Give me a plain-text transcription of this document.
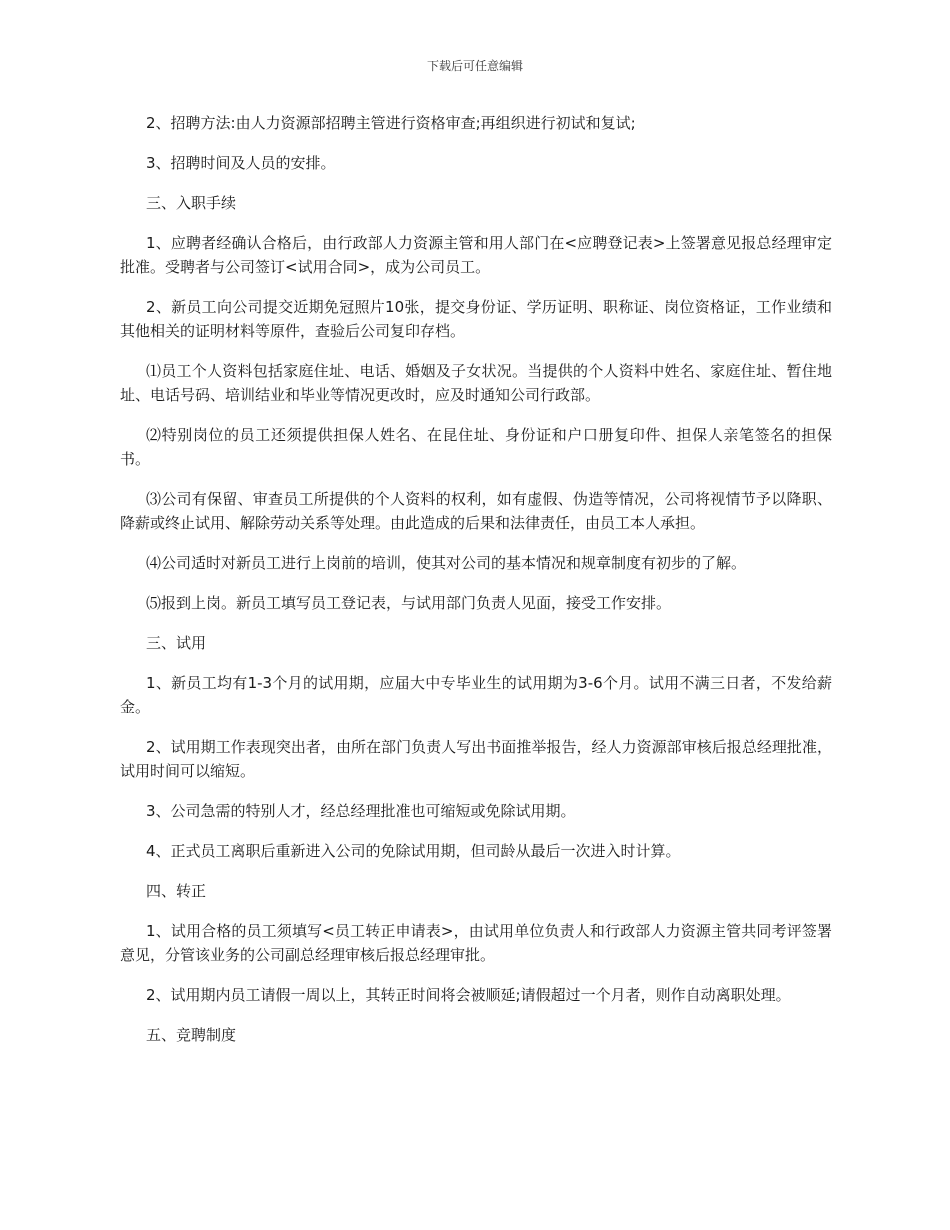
下载后可任意编辑

2、招聘方法:由人力资源部招聘主管进行资格审查;再组织进行初试和复试;

3、招聘时间及人员的安排。

三、入职手续

1、应聘者经确认合格后，由行政部人力资源主管和用人部门在<应聘登记表>上签署意见报总经理审定批准。受聘者与公司签订<试用合同>，成为公司员工。

2、新员工向公司提交近期免冠照片10张，提交身份证、学历证明、职称证、岗位资格证，工作业绩和其他相关的证明材料等原件，查验后公司复印存档。

⑴员工个人资料包括家庭住址、电话、婚姻及子女状况。当提供的个人资料中姓名、家庭住址、暂住地址、电话号码、培训结业和毕业等情况更改时，应及时通知公司行政部。

⑵特别岗位的员工还须提供担保人姓名、在昆住址、身份证和户口册复印件、担保人亲笔签名的担保书。

⑶公司有保留、审查员工所提供的个人资料的权利，如有虚假、伪造等情况，公司将视情节予以降职、降薪或终止试用、解除劳动关系等处理。由此造成的后果和法律责任，由员工本人承担。

⑷公司适时对新员工进行上岗前的培训，使其对公司的基本情况和规章制度有初步的了解。

⑸报到上岗。新员工填写员工登记表，与试用部门负责人见面，接受工作安排。

三、试用

1、新员工均有1-3个月的试用期，应届大中专毕业生的试用期为3-6个月。试用不满三日者，不发给薪金。

2、试用期工作表现突出者，由所在部门负责人写出书面推举报告，经人力资源部审核后报总经理批准，试用时间可以缩短。

3、公司急需的特别人才，经总经理批准也可缩短或免除试用期。

4、正式员工离职后重新进入公司的免除试用期，但司龄从最后一次进入时计算。

四、转正

1、试用合格的员工须填写<员工转正申请表>，由试用单位负责人和行政部人力资源主管共同考评签署意见，分管该业务的公司副总经理审核后报总经理审批。

2、试用期内员工请假一周以上，其转正时间将会被顺延;请假超过一个月者，则作自动离职处理。

五、竞聘制度
